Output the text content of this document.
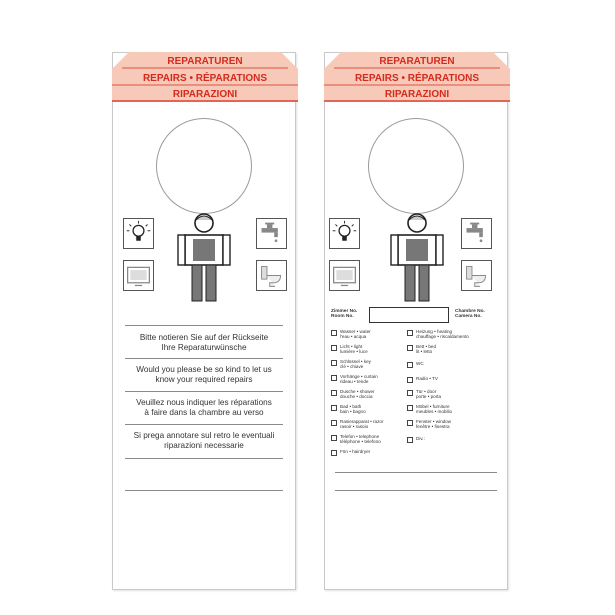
REPARATUREN
REPAIRS • RÉPARATIONS
RIPARAZIONI
Bitte notieren Sie auf der Rückseite
Ihre Reparaturwünsche
Would you please be so kind to let us
know your required repairs
Veuillez nous indiquer les réparations
à faire dans la chambre au verso
Si prega annotare sul retro le eventuali
riparazioni necessarie
REPARATUREN
REPAIRS • RÉPARATIONS
RIPARAZIONI
Zimmer No.
Room No.
Chambre No.
Camera No.
Wasser • water
l'eau • acqua
Licht • light
lumière • luce
Schlüssel • key
clé • chiave
Vorhänge • curtain
rideau • tende
Dusche • shower
douche • doccia
Bad • bath
bain • bagno
Rasierapparat • razor
rasoir • rasoio
Telefon • telephone
téléphone • telefono
Fön • hairdryer
Heizung • heating
chauffage • riscaldamento
Bett • bed
lit • letto
WC
Radio • TV
Tür • door
porte • porta
Möbel • furniture
meubles • mobilio
Fenster • window
fenêtre • finestra
Div.:
